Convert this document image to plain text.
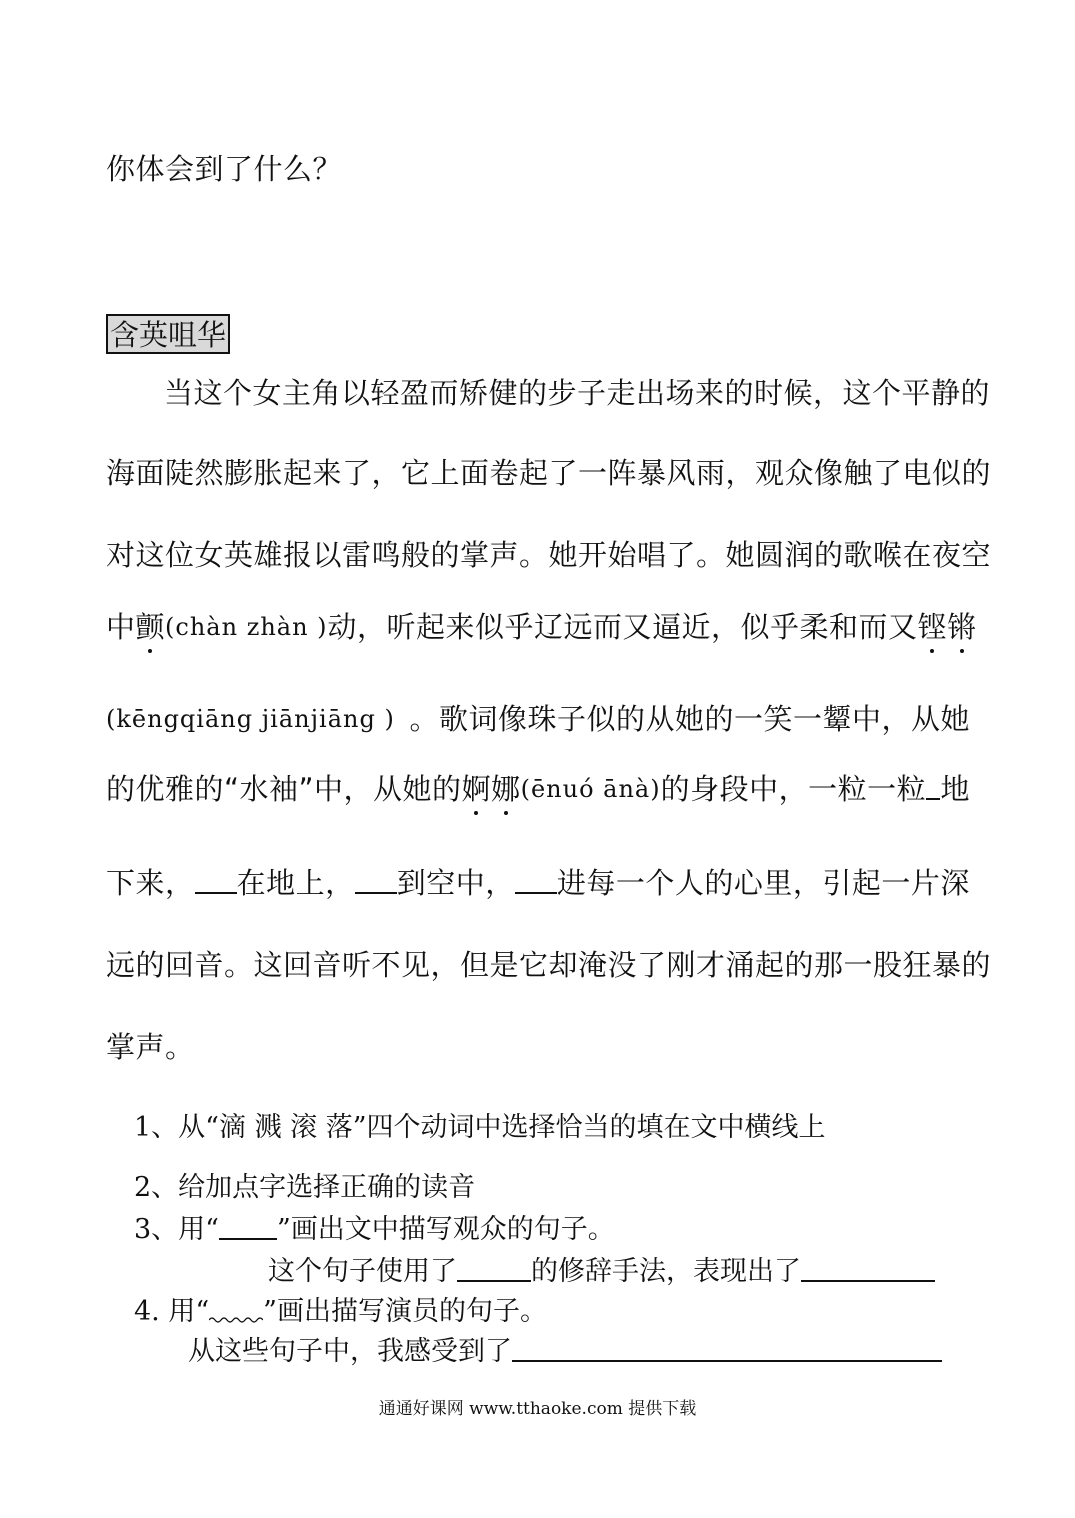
你体会到了什么？
含英咀华
当这个女主角以轻盈而矫健的步子走出场来的时候 ， 这个平静的
海面陡然膨胀起来了， 它上面卷起了一阵暴风雨， 观众像触了电似的
对这位女英雄报以雷鸣般的掌声。她开始唱了。她圆润的歌喉在夜空
中 颤 (chàn zhàn ) 动，听起来似乎辽远而又逼近，似乎柔和而又 铿 锵
(kēngqiāng jiānjiāng ) 。歌词像珠子似的从她的一笑一颦中，从她
的优雅的“水袖”中，从她的 婀 娜 (ēnuó ānà) 的身段中，一粒一粒 地
下来， 在地上， 到空中， 进每一个人的心里，引起一片深
远的回音。这回音听不见，但是它却淹没了刚才涌起的那一股狂暴的
掌声。
1、从“滴 溅 滚 落”四个动词中选择恰当的填在文中横线上
2、给加点字选择正确的读音
3、用“ ”画出文中描写观众的句子。
这个句子使用了	的修辞手法，表现出了
4. 用“ ”画出描写演员的句子。
从这些句子中，我感受到了
通通好课网 www.tthaoke.com 提供下载
